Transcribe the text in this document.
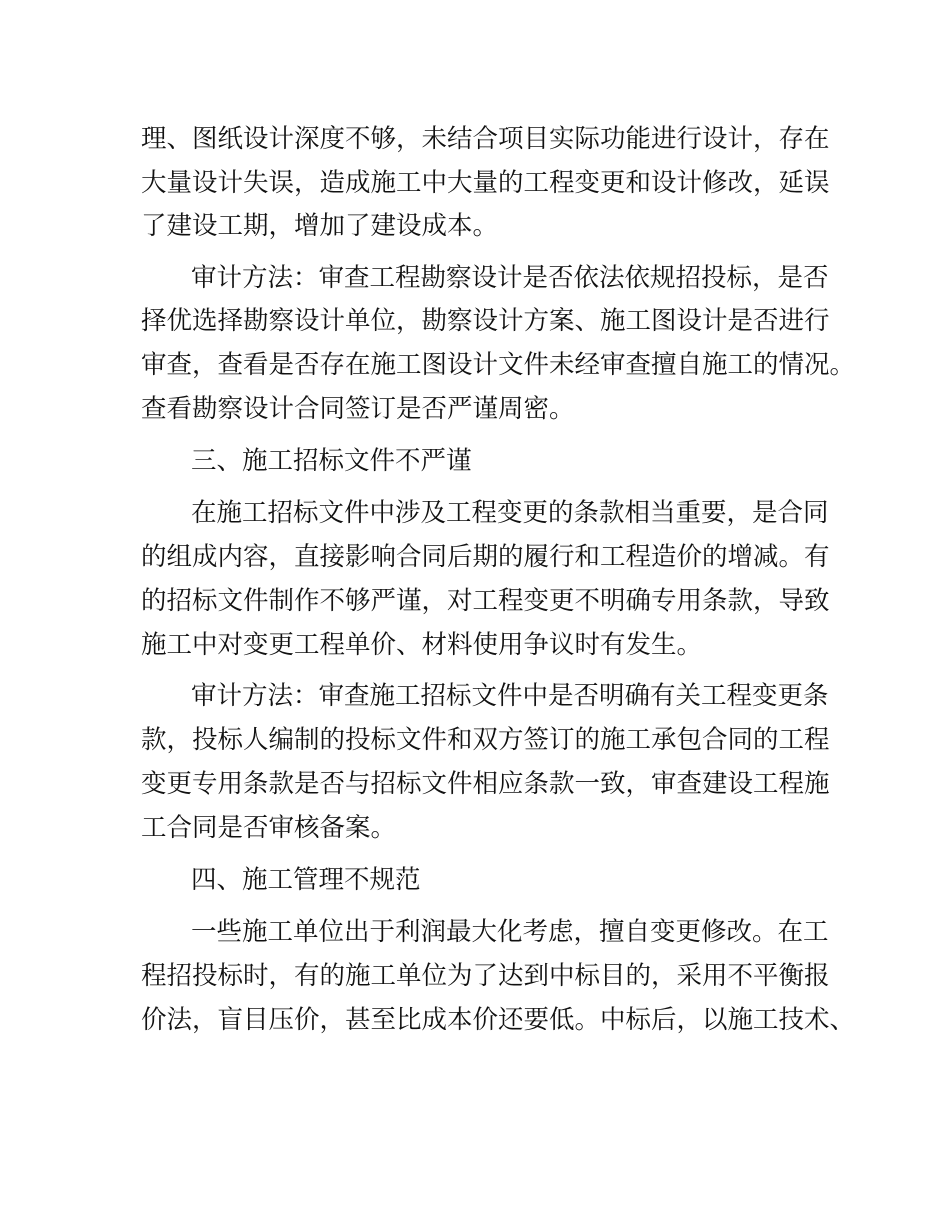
理、图纸设计深度不够，未结合项目实际功能进行设计，存在
大量设计失误，造成施工中大量的工程变更和设计修改，延误
了建设工期，增加了建设成本。
审计方法：审查工程勘察设计是否依法依规招投标，是否
择优选择勘察设计单位，勘察设计方案、施工图设计是否进行
审查，查看是否存在施工图设计文件未经审查擅自施工的情况。
查看勘察设计合同签订是否严谨周密。
三、施工招标文件不严谨
在施工招标文件中涉及工程变更的条款相当重要，是合同
的组成内容，直接影响合同后期的履行和工程造价的增减。有
的招标文件制作不够严谨，对工程变更不明确专用条款，导致
施工中对变更工程单价、材料使用争议时有发生。
审计方法：审查施工招标文件中是否明确有关工程变更条
款，投标人编制的投标文件和双方签订的施工承包合同的工程
变更专用条款是否与招标文件相应条款一致，审查建设工程施
工合同是否审核备案。
四、施工管理不规范
一些施工单位出于利润最大化考虑，擅自变更修改。在工
程招投标时，有的施工单位为了达到中标目的，采用不平衡报
价法，盲目压价，甚至比成本价还要低。中标后，以施工技术、
